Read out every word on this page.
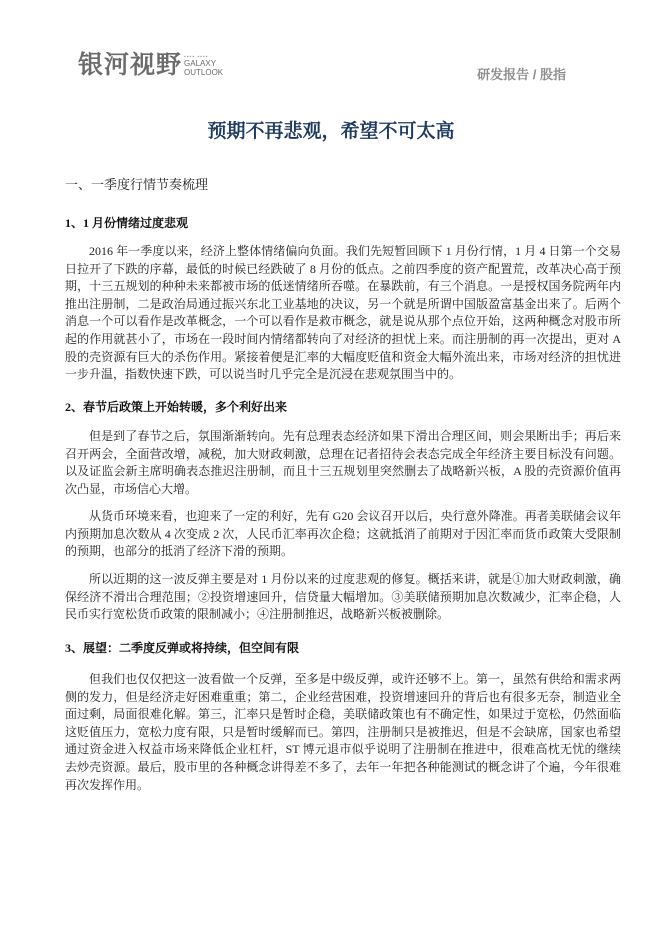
银河视野 ▪▪▪▪ ▪▪▪▪
GALAXY
OUTLOOK	研发报告 / 股指
预期不再悲观，希望不可太高
一、一季度行情节奏梳理
1、1 月份情绪过度悲观

2016 年一季度以来，经济上整体情绪偏向负面。我们先短暂回顾下 1 月份行情，1 月 4 日第一个交易日拉开了下跌的序幕，最低的时候已经跌破了 8 月份的低点。之前四季度的资产配置荒，改革决心高于预期，十三五规划的种种未来都被市场的低迷情绪所吞噬。在暴跌前，有三个消息。一是授权国务院两年内推出注册制，二是政治局通过振兴东北工业基地的决议，另一个就是所谓中国版盈富基金出来了。后两个消息一个可以看作是改革概念，一个可以看作是救市概念，就是说从那个点位开始，这两种概念对股市所起的作用就甚小了，市场在一段时间内情绪都转向了对经济的担忧上来。而注册制的再一次提出，更对 A 股的壳资源有巨大的杀伤作用。紧接着便是汇率的大幅度贬值和资金大幅外流出来，市场对经济的担忧进一步升温，指数快速下跌，可以说当时几乎完全是沉浸在悲观氛围当中的。

2、春节后政策上开始转暖，多个利好出来

但是到了春节之后，氛围渐渐转向。先有总理表态经济如果下滑出合理区间，则会果断出手；再后来召开两会，全面营改增，减税，加大财政刺激，总理在记者招待会表态完成全年经济主要目标没有问题。以及证监会新主席明确表态推迟注册制，而且十三五规划里突然删去了战略新兴板，A 股的壳资源价值再次凸显，市场信心大增。

从货币环境来看，也迎来了一定的利好，先有 G20 会议召开以后，央行意外降准。再者美联储会议年内预期加息次数从 4 次变成 2 次，人民币汇率再次企稳；这就抵消了前期对于因汇率而货币政策大受限制的预期，也部分的抵消了经济下滑的预期。

所以近期的这一波反弹主要是对 1 月份以来的过度悲观的修复。概括来讲，就是①加大财政刺激，确保经济不滑出合理范围；②投资增速回升，信贷量大幅增加。③美联储预期加息次数减少，汇率企稳，人民币实行宽松货币政策的限制减小；④注册制推迟，战略新兴板被删除。

3、展望：二季度反弹或将持续，但空间有限

但我们也仅仅把这一波看做一个反弹，至多是中级反弹，或许还够不上。第一，虽然有供给和需求两侧的发力，但是经济走好困难重重；第二，企业经营困难，投资增速回升的背后也有很多无奈，制造业全面过剩，局面很难化解。第三，汇率只是暂时企稳，美联储政策也有不确定性，如果过于宽松，仍然面临这贬值压力，宽松力度有限，只是暂时缓解而已。第四，注册制只是被推迟，但是不会缺席，国家也希望通过资金进入权益市场来降低企业杠杆，ST 博元退市似乎说明了注册制在推进中，很难高枕无忧的继续去炒壳资源。最后，股市里的各种概念讲得差不多了，去年一年把各种能测试的概念讲了个遍，今年很难再次发挥作用。
